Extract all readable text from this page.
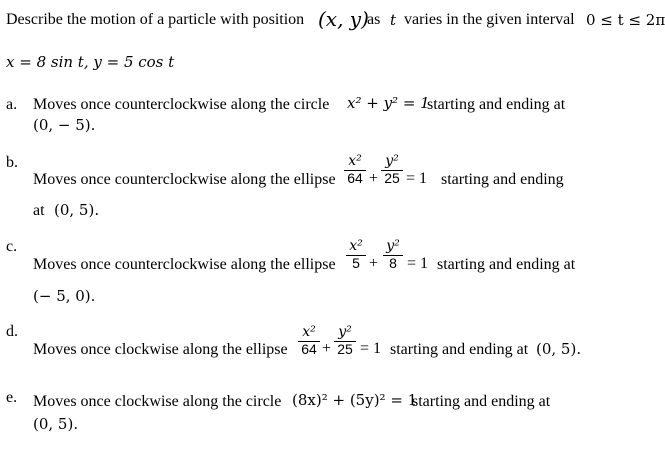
Describe the motion of a particle with position (x, y)
as t varies in the given interval 0 ≤ t ≤ 2π
x = 8 sin t, y = 5 cos t
a. Moves once counterclockwise along the circle x² + y² = 1
starting and ending at
(0, − 5).
b.
Moves once counterclockwise along the ellipse
x²
64 +
y²
25 = 1 starting and ending
at (0, 5).
c.
Moves once counterclockwise along the ellipse
x²
5 +
y²
8 = 1 starting and ending at
(− 5, 0).
d.
Moves once clockwise along the ellipse
x²
64 +
y²
25 = 1 starting and ending at (0, 5).
e. Moves once clockwise along the circle (8x)² + (5y)² = 1
starting and ending at
(0, 5).
